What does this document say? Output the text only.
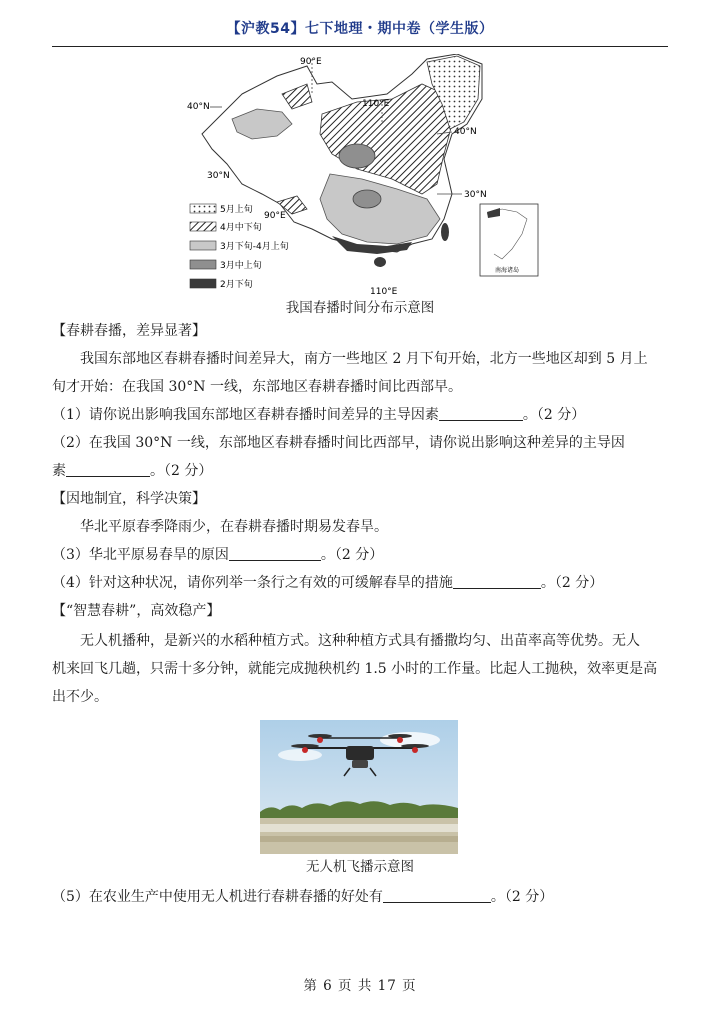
【沪教54】七下地理・期中卷（学生版）
90°E
110°E
40°N
40°N
30°N
30°N
90°E
110°E
5月上旬
4月中下旬
3月下旬-4月上旬
3月中上旬
2月下旬
南海诸岛
我国春播时间分布示意图
【春耕春播，差异显著】
我国东部地区春耕春播时间差异大，南方一些地区 2 月下旬开始，北方一些地区却到 5 月上
旬才开始：在我国 30°N 一线，东部地区春耕春播时间比西部早。
（1）请你说出影响我国东部地区春耕春播时间差异的主导因素	。（2 分）
（2）在我国 30°N 一线，东部地区春耕春播时间比西部早，请你说出影响这种差异的主导因
素	。（2 分）
【因地制宜，科学决策】
华北平原春季降雨少，在春耕春播时期易发春旱。
（3）华北平原易春旱的原因	。（2 分）
（4）针对这种状况，请你列举一条行之有效的可缓解春旱的措施	。（2 分）
【“智慧春耕”，高效稳产】
无人机播种，是新兴的水稻种植方式。这种种植方式具有播撒均匀、出苗率高等优势。无人
机来回飞几趟，只需十多分钟，就能完成抛秧机约 1.5 小时的工作量。比起人工抛秧，效率更是高
出不少。
无人机飞播示意图
（5）在农业生产中使用无人机进行春耕春播的好处有	。（2 分）
第 6 页 共 17 页
